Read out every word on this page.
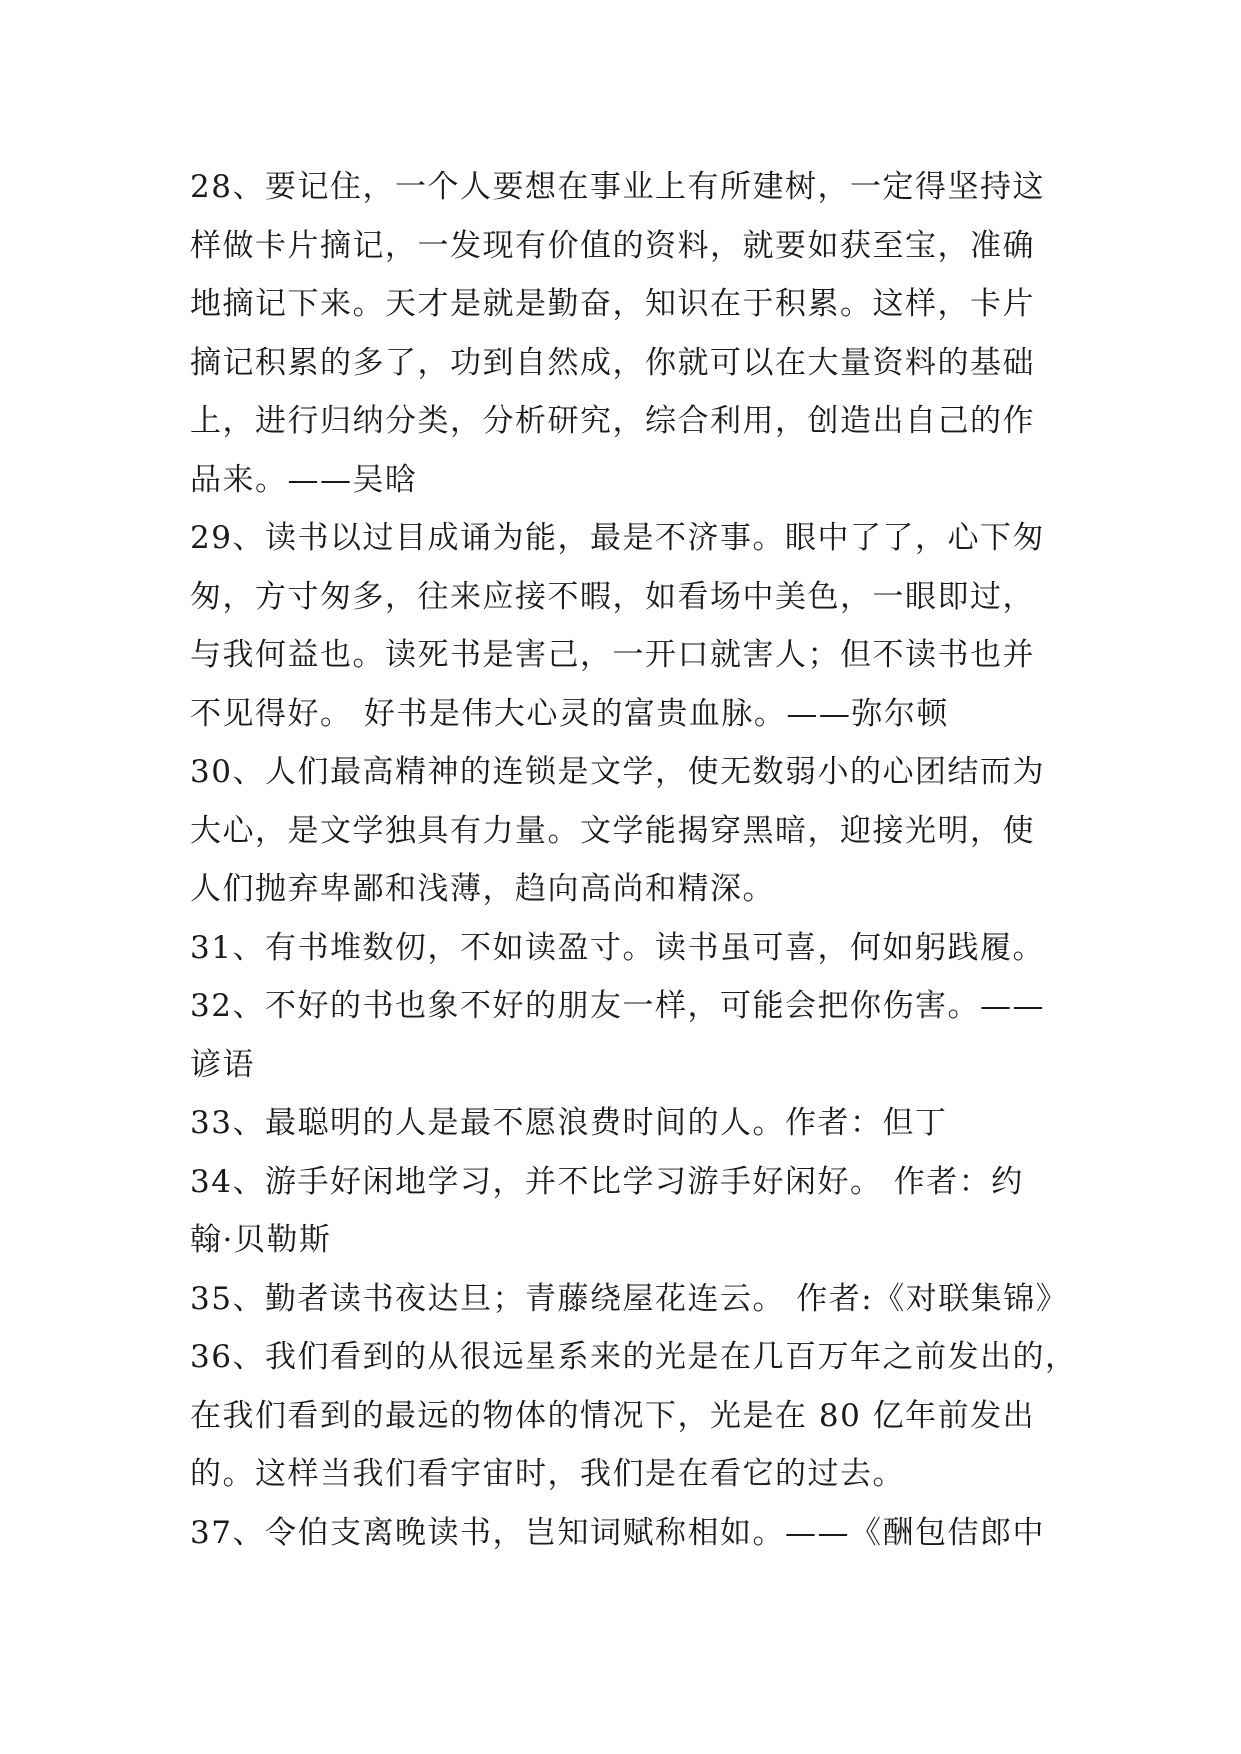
28、要记住，一个人要想在事业上有所建树，一定得坚持这
样做卡片摘记，一发现有价值的资料，就要如获至宝，准确
地摘记下来。天才是就是勤奋，知识在于积累。这样，卡片
摘记积累的多了，功到自然成，你就可以在大量资料的基础
上，进行归纳分类，分析研究，综合利用，创造出自己的作
品来。——吴晗
29、读书以过目成诵为能，最是不济事。眼中了了，心下匆
匆，方寸匆多，往来应接不暇，如看场中美色，一眼即过，
与我何益也。读死书是害己，一开口就害人；但不读书也并
不见得好。 好书是伟大心灵的富贵血脉。——弥尔顿
30、人们最高精神的连锁是文学，使无数弱小的心团结而为
大心，是文学独具有力量。文学能揭穿黑暗，迎接光明，使
人们抛弃卑鄙和浅薄，趋向高尚和精深。
31、有书堆数仞，不如读盈寸。读书虽可喜，何如躬践履。
32、不好的书也象不好的朋友一样，可能会把你伤害。——
谚语
33、最聪明的人是最不愿浪费时间的人。作者：但丁
34、游手好闲地学习，并不比学习游手好闲好。 作者：约
翰·贝勒斯
35、勤者读书夜达旦；青藤绕屋花连云。 作者:《对联集锦》
36、我们看到的从很远星系来的光是在几百万年之前发出的，
在我们看到的最远的物体的情况下，光是在 80 亿年前发出
的。这样当我们看宇宙时，我们是在看它的过去。
37、令伯支离晚读书，岂知词赋称相如。——《酬包佶郎中
